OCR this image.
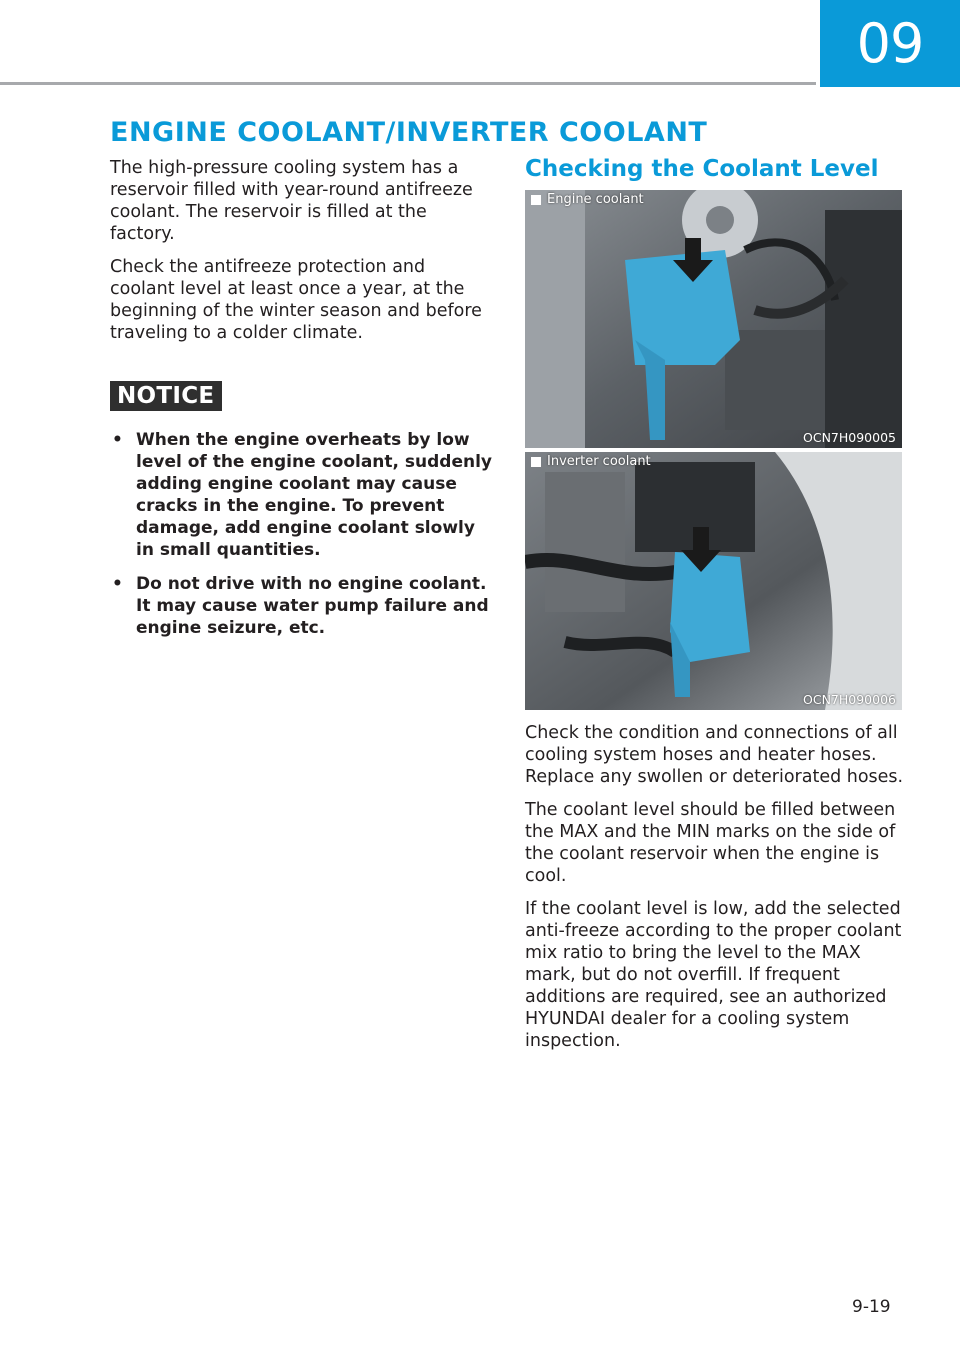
09
ENGINE COOLANT/INVERTER COOLANT

The high-pressure cooling system has a reservoir filled with year-round antifreeze coolant. The reservoir is filled at the factory.

Check the antifreeze protection and coolant level at least once a year, at the beginning of the winter season and before traveling to a colder climate.

NOTICE
• When the engine overheats by low level of the engine coolant, suddenly adding engine coolant may cause cracks in the engine. To prevent damage, add engine coolant slowly in small quantities.
• Do not drive with no engine coolant. It may cause water pump failure and engine seizure, etc.
Checking the Coolant Level
Engine coolant
OCN7H090005
Inverter coolant
OCN7H090006

Check the condition and connections of all cooling system hoses and heater hoses. Replace any swollen or deteriorated hoses.

The coolant level should be filled between the MAX and the MIN marks on the side of the coolant reservoir when the engine is cool.

If the coolant level is low, add the selected anti-freeze according to the proper coolant mix ratio to bring the level to the MAX mark, but do not overfill. If frequent additions are required, see an authorized HYUNDAI dealer for a cooling system inspection.

9-19
